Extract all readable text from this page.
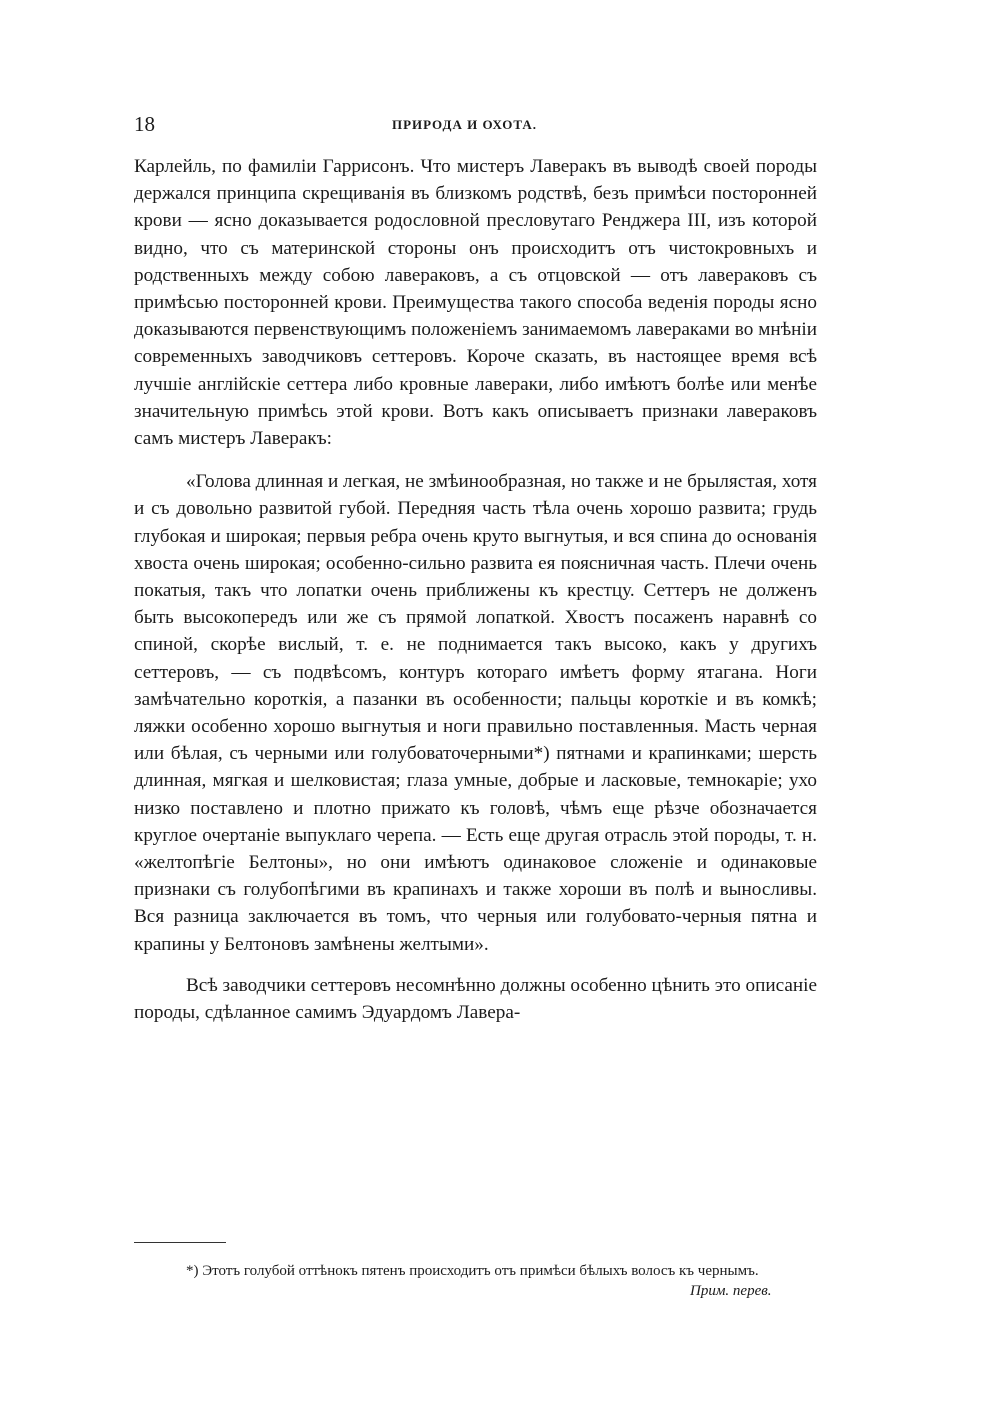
18	ПРИРОДА И ОХОТА.

Карлейль, по фамилiи Гаррисонъ. Что мистеръ Лаверакъ въ выводѣ своей породы держался принципа скрещиванiя въ близкомъ родствѣ, безъ примѣси посторонней крови — ясно доказывается родословной пресловутаго Ренджера III, изъ которой видно, что съ материнской стороны онъ происходитъ отъ чистокровныхъ и родственныхъ между собою лавераковъ, а съ отцовской — отъ лавераковъ съ примѣсью посторонней крови. Преимущества такого способа веденiя породы ясно доказываются первенствующимъ положенiемъ занимаемомъ лавераками во мнѣнiи современныхъ заводчиковъ сеттеровъ. Короче сказать, въ настоящее время всѣ лучшiе англiйскiе сеттера либо кровные лавераки, либо имѣютъ болѣе или менѣе значительную примѣсь этой крови. Вотъ какъ описываетъ признаки лавераковъ самъ мистеръ Лаверакъ:

«Голова длинная и легкая, не змѣинообразная, но также и не брылястая, хотя и съ довольно развитой губой. Передняя часть тѣла очень хорошо развита; грудь глубокая и широкая; первыя ребра очень круто выгнутыя, и вся спина до основанiя хвоста очень широкая; особенно-сильно развита ея поясничная часть. Плечи очень покатыя, такъ что лопатки очень приближены къ крестцу. Сеттеръ не долженъ быть высокопередъ или же съ прямой лопаткой. Хвостъ посаженъ наравнѣ со спиной, скорѣе вислый, т. е. не поднимается такъ высоко, какъ у другихъ сеттеровъ, — съ подвѣсомъ, контуръ котораго имѣетъ форму ятагана. Ноги замѣчательно короткiя, а пазанки въ особенности; пальцы короткiе и въ комкѣ; ляжки особенно хорошо выгнутыя и ноги правильно поставленныя. Масть черная или бѣлая, съ черными или голубоваточерными*) пятнами и крапинками; шерсть длинная, мягкая и шелковистая; глаза умные, добрые и ласковые, темнокарiе; ухо низко поставлено и плотно прижато къ головѣ, чѣмъ еще рѣзче обозначается круглое очертанiе выпуклаго черепа. — Есть еще другая отрасль этой породы, т. н. «желтопѣгiе Белтоны», но они имѣютъ одинаковое сложенiе и одинаковые признаки съ голубопѣгими въ крапинахъ и также хороши въ полѣ и выносливы. Вся разница заключается въ томъ, что черныя или голубовато-черныя пятна и крапины у Белтоновъ замѣнены желтыми».

Всѣ заводчики сеттеровъ несомнѣнно должны особенно цѣнить это описанiе породы, сдѣланное самимъ Эдуардомъ Лавера-

*) Этотъ голубой оттѣнокъ пятенъ происходитъ отъ примѣси бѣлыхъ волосъ къ чернымъ.
Прим. перев.
